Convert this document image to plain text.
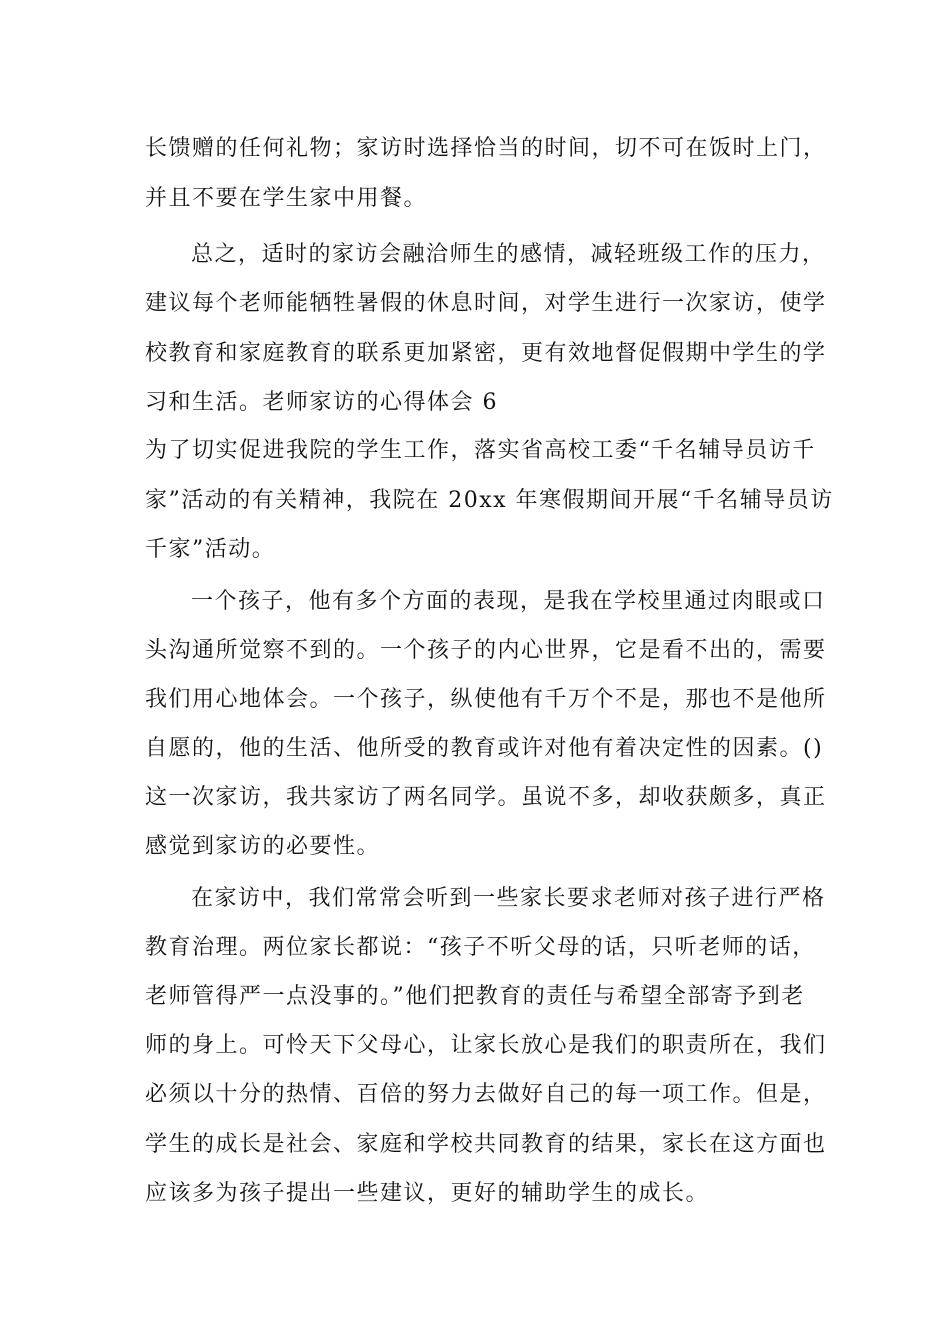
长馈赠的任何礼物；家访时选择恰当的时间，切不可在饭时上门，
并且不要在学生家中用餐。
总之，适时的家访会融洽师生的感情，减轻班级工作的压力，
建议每个老师能牺牲暑假的休息时间，对学生进行一次家访，使学
校教育和家庭教育的联系更加紧密，更有效地督促假期中学生的学
习和生活。老师家访的心得体会 6
为了切实促进我院的学生工作，落实省高校工委“千名辅导员访千
家”活动的有关精神，我院在 20xx 年寒假期间开展“千名辅导员访
千家”活动。
一个孩子，他有多个方面的表现，是我在学校里通过肉眼或口
头沟通所觉察不到的。一个孩子的内心世界，它是看不出的，需要
我们用心地体会。一个孩子，纵使他有千万个不是，那也不是他所
自愿的，他的生活、他所受的教育或许对他有着决定性的因素。()
这一次家访，我共家访了两名同学。虽说不多，却收获颇多，真正
感觉到家访的必要性。
在家访中，我们常常会听到一些家长要求老师对孩子进行严格
教育治理。两位家长都说：“孩子不听父母的话，只听老师的话，
老师管得严一点没事的。”他们把教育的责任与希望全部寄予到老
师的身上。可怜天下父母心，让家长放心是我们的职责所在，我们
必须以十分的热情、百倍的努力去做好自己的每一项工作。但是，
学生的成长是社会、家庭和学校共同教育的结果，家长在这方面也
应该多为孩子提出一些建议，更好的辅助学生的成长。
